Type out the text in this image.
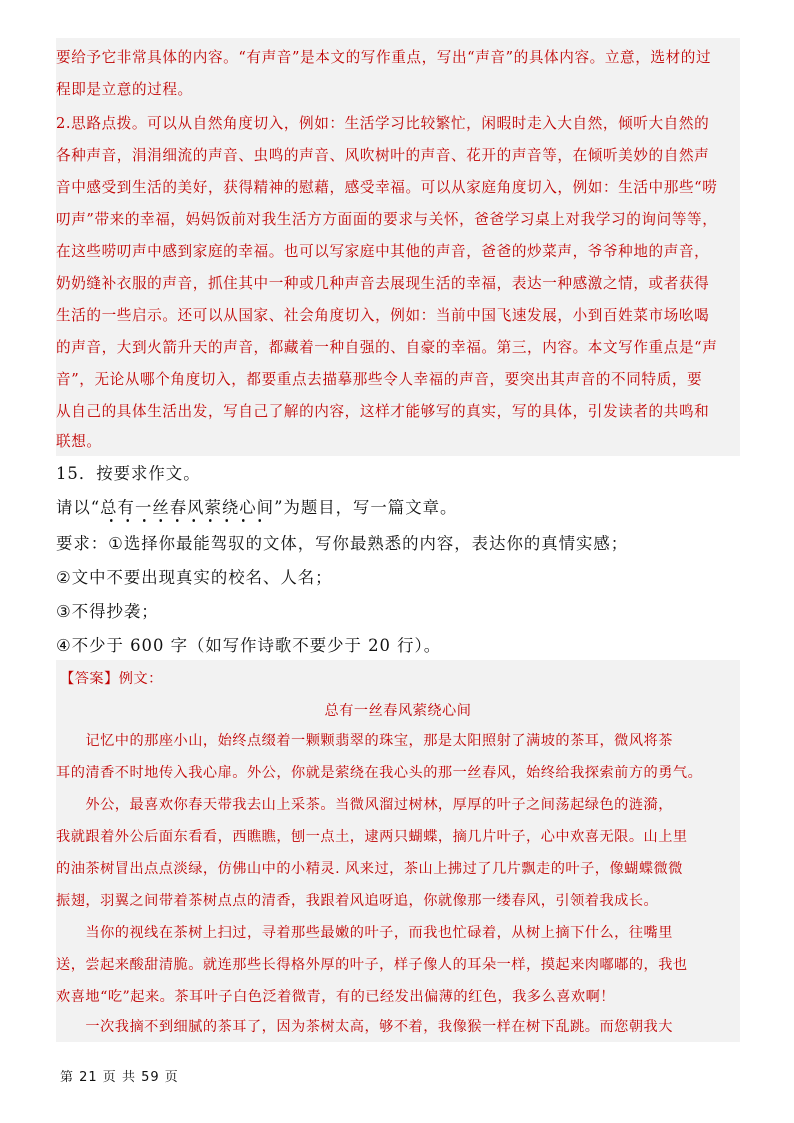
要给予它非常具体的内容。“有声音”是本文的写作重点，写出“声音”的具体内容。立意，选材的过
程即是立意的过程。
2.思路点拨。可以从自然角度切入，例如：生活学习比较繁忙，闲暇时走入大自然，倾听大自然的
各种声音，涓涓细流的声音、虫鸣的声音、风吹树叶的声音、花开的声音等，在倾听美妙的自然声
音中感受到生活的美好，获得精神的慰藉，感受幸福。可以从家庭角度切入，例如：生活中那些“唠
叨声”带来的幸福，妈妈饭前对我生活方方面面的要求与关怀，爸爸学习桌上对我学习的询问等等，
在这些唠叨声中感到家庭的幸福。也可以写家庭中其他的声音，爸爸的炒菜声，爷爷种地的声音，
奶奶缝补衣服的声音，抓住其中一种或几种声音去展现生活的幸福，表达一种感激之情，或者获得
生活的一些启示。还可以从国家、社会角度切入，例如：当前中国飞速发展，小到百姓菜市场吆喝
的声音，大到火箭升天的声音，都藏着一种自强的、自豪的幸福。第三，内容。本文写作重点是“声
音”，无论从哪个角度切入，都要重点去描摹那些令人幸福的声音，要突出其声音的不同特质，要
从自己的具体生活出发，写自己了解的内容，这样才能够写的真实，写的具体，引发读者的共鸣和
联想。
15．按要求作文。
请以“总有一丝春风萦绕心间”为题目，写一篇文章。
要求：①选择你最能驾驭的文体，写你最熟悉的内容，表达你的真情实感；
②文中不要出现真实的校名、人名；
③不得抄袭；
④不少于 600 字（如写作诗歌不要少于 20 行）。
【答案】例文：
总有一丝春风萦绕心间
　　记忆中的那座小山，始终点缀着一颗颗翡翠的珠宝，那是太阳照射了满坡的茶耳，微风将茶
耳的清香不时地传入我心扉。外公，你就是萦绕在我心头的那一丝春风，始终给我探索前方的勇气。
　　外公，最喜欢你春天带我去山上采茶。当微风溜过树林，厚厚的叶子之间荡起绿色的涟漪，
我就跟着外公后面东看看，西瞧瞧，刨一点土，逮两只蝴蝶，摘几片叶子，心中欢喜无限。山上里
的油茶树冒出点点淡绿，仿佛山中的小精灵. 风来过，茶山上拂过了几片飘走的叶子，像蝴蝶微微
振翅，羽翼之间带着茶树点点的清香，我跟着风追呀追，你就像那一缕春风，引领着我成长。
　　当你的视线在茶树上扫过，寻着那些最嫩的叶子，而我也忙碌着，从树上摘下什么，往嘴里
送，尝起来酸甜清脆。就连那些长得格外厚的叶子，样子像人的耳朵一样，摸起来肉嘟嘟的，我也
欢喜地“吃”起来。茶耳叶子白色泛着微青，有的已经发出偏薄的红色，我多么喜欢啊！
　　一次我摘不到细腻的茶耳了，因为茶树太高，够不着，我像猴一样在树下乱跳。而您朝我大
第 21 页 共 59 页
